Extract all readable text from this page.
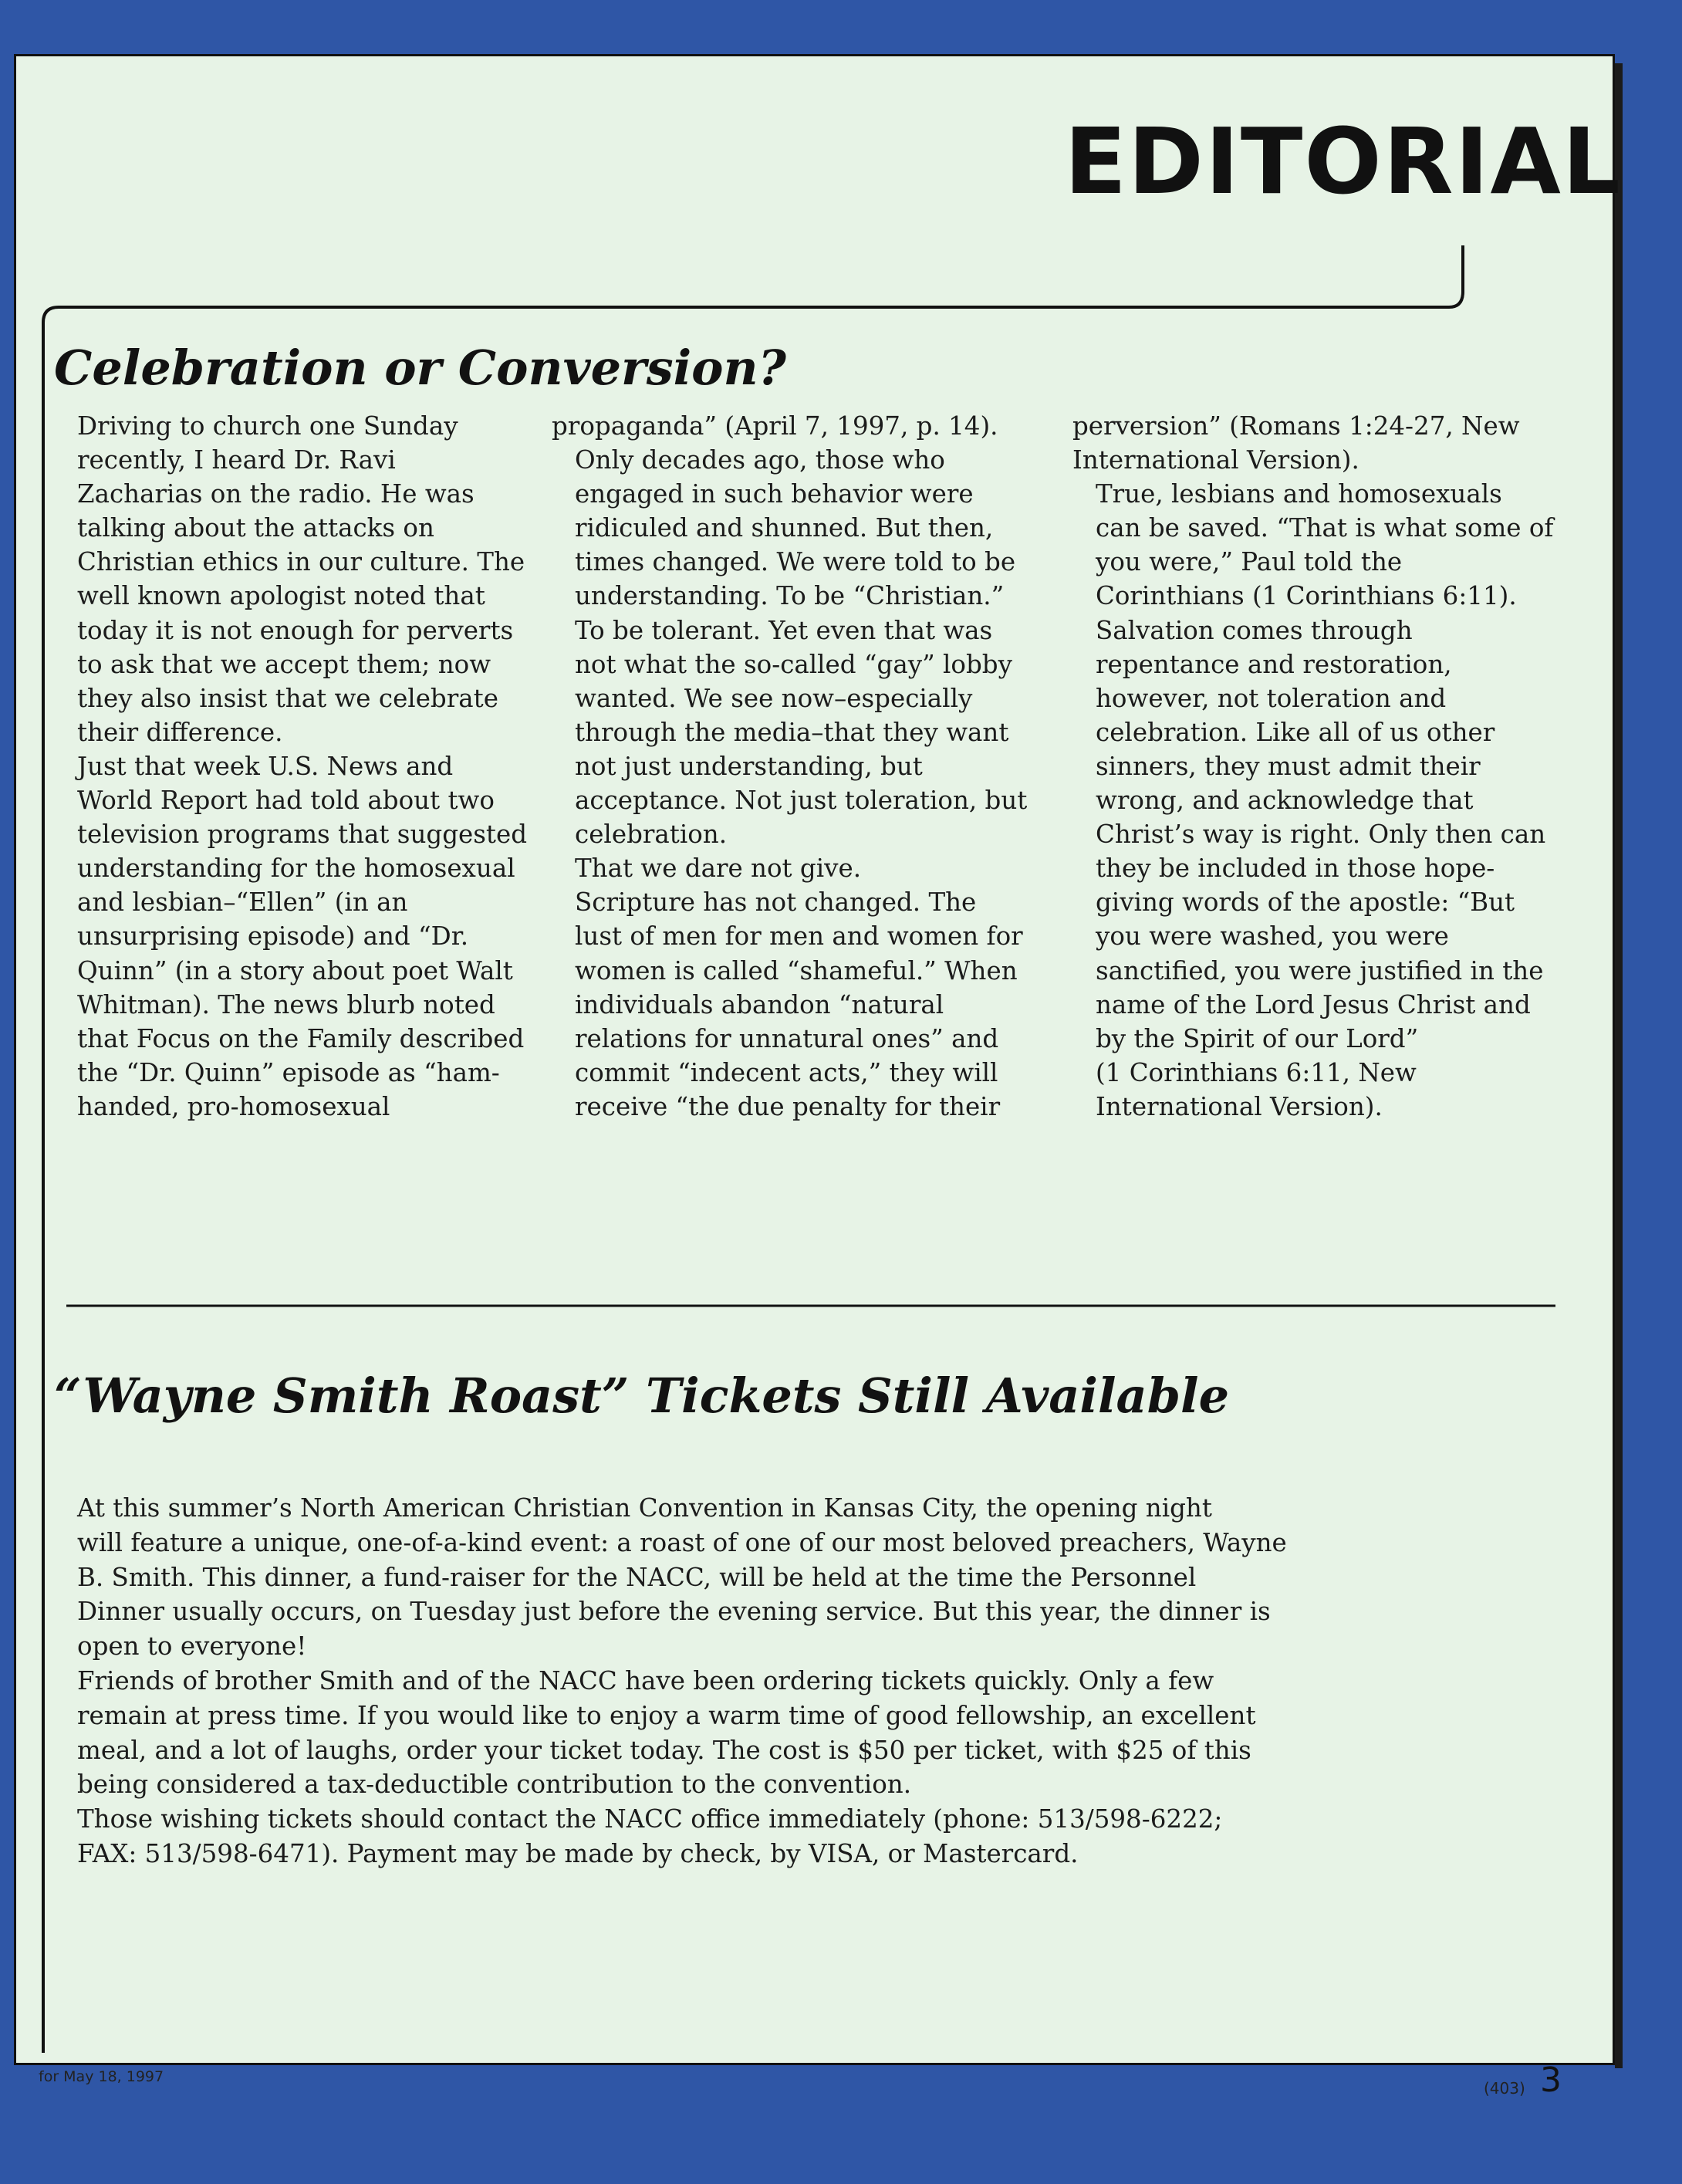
EDITORIAL
Celebration or Conversion?

Driving to church one Sunday
recently, I heard Dr. Ravi
Zacharias on the radio. He was
talking about the attacks on
Christian ethics in our culture. The
well known apologist noted that
today it is not enough for perverts
to ask that we accept them; now
they also insist that we celebrate
their difference.

Just that week U.S. News and
World Report had told about two
television programs that suggested
understanding for the homosexual
and lesbian–“Ellen” (in an
unsurprising episode) and “Dr.
Quinn” (in a story about poet Walt
Whitman). The news blurb noted
that Focus on the Family described
the “Dr. Quinn” episode as “ham-
handed, pro-homosexual

propaganda” (April 7, 1997, p. 14).

Only decades ago, those who
engaged in such behavior were
ridiculed and shunned. But then,
times changed. We were told to be
understanding. To be “Christian.”
To be tolerant. Yet even that was
not what the so-called “gay” lobby
wanted. We see now–especially
through the media–that they want
not just understanding, but
acceptance. Not just toleration, but
celebration.

That we dare not give.

Scripture has not changed. The
lust of men for men and women for
women is called “shameful.” When
individuals abandon “natural
relations for unnatural ones” and
commit “indecent acts,” they will
receive “the due penalty for their

perversion” (Romans 1:24-27, New
International Version).

True, lesbians and homosexuals
can be saved. “That is what some of
you were,” Paul told the
Corinthians (1 Corinthians 6:11).
Salvation comes through
repentance and restoration,
however, not toleration and
celebration. Like all of us other
sinners, they must admit their
wrong, and acknowledge that
Christ’s way is right. Only then can
they be included in those hope-
giving words of the apostle: “But
you were washed, you were
sanctified, you were justified in the
name of the Lord Jesus Christ and
by the Spirit of our Lord”
(1 Corinthians 6:11, New
International Version).

“Wayne Smith Roast” Tickets Still Available

At this summer’s North American Christian Convention in Kansas City, the opening night
will feature a unique, one-of-a-kind event: a roast of one of our most beloved preachers, Wayne
B. Smith. This dinner, a fund-raiser for the NACC, will be held at the time the Personnel
Dinner usually occurs, on Tuesday just before the evening service. But this year, the dinner is
open to everyone!

Friends of brother Smith and of the NACC have been ordering tickets quickly. Only a few
remain at press time. If you would like to enjoy a warm time of good fellowship, an excellent
meal, and a lot of laughs, order your ticket today. The cost is $50 per ticket, with $25 of this
being considered a tax-deductible contribution to the convention.

Those wishing tickets should contact the NACC office immediately (phone: 513/598-6222;
FAX: 513/598-6471). Payment may be made by check, by VISA, or Mastercard.

for May 18, 1997
(403) 3
